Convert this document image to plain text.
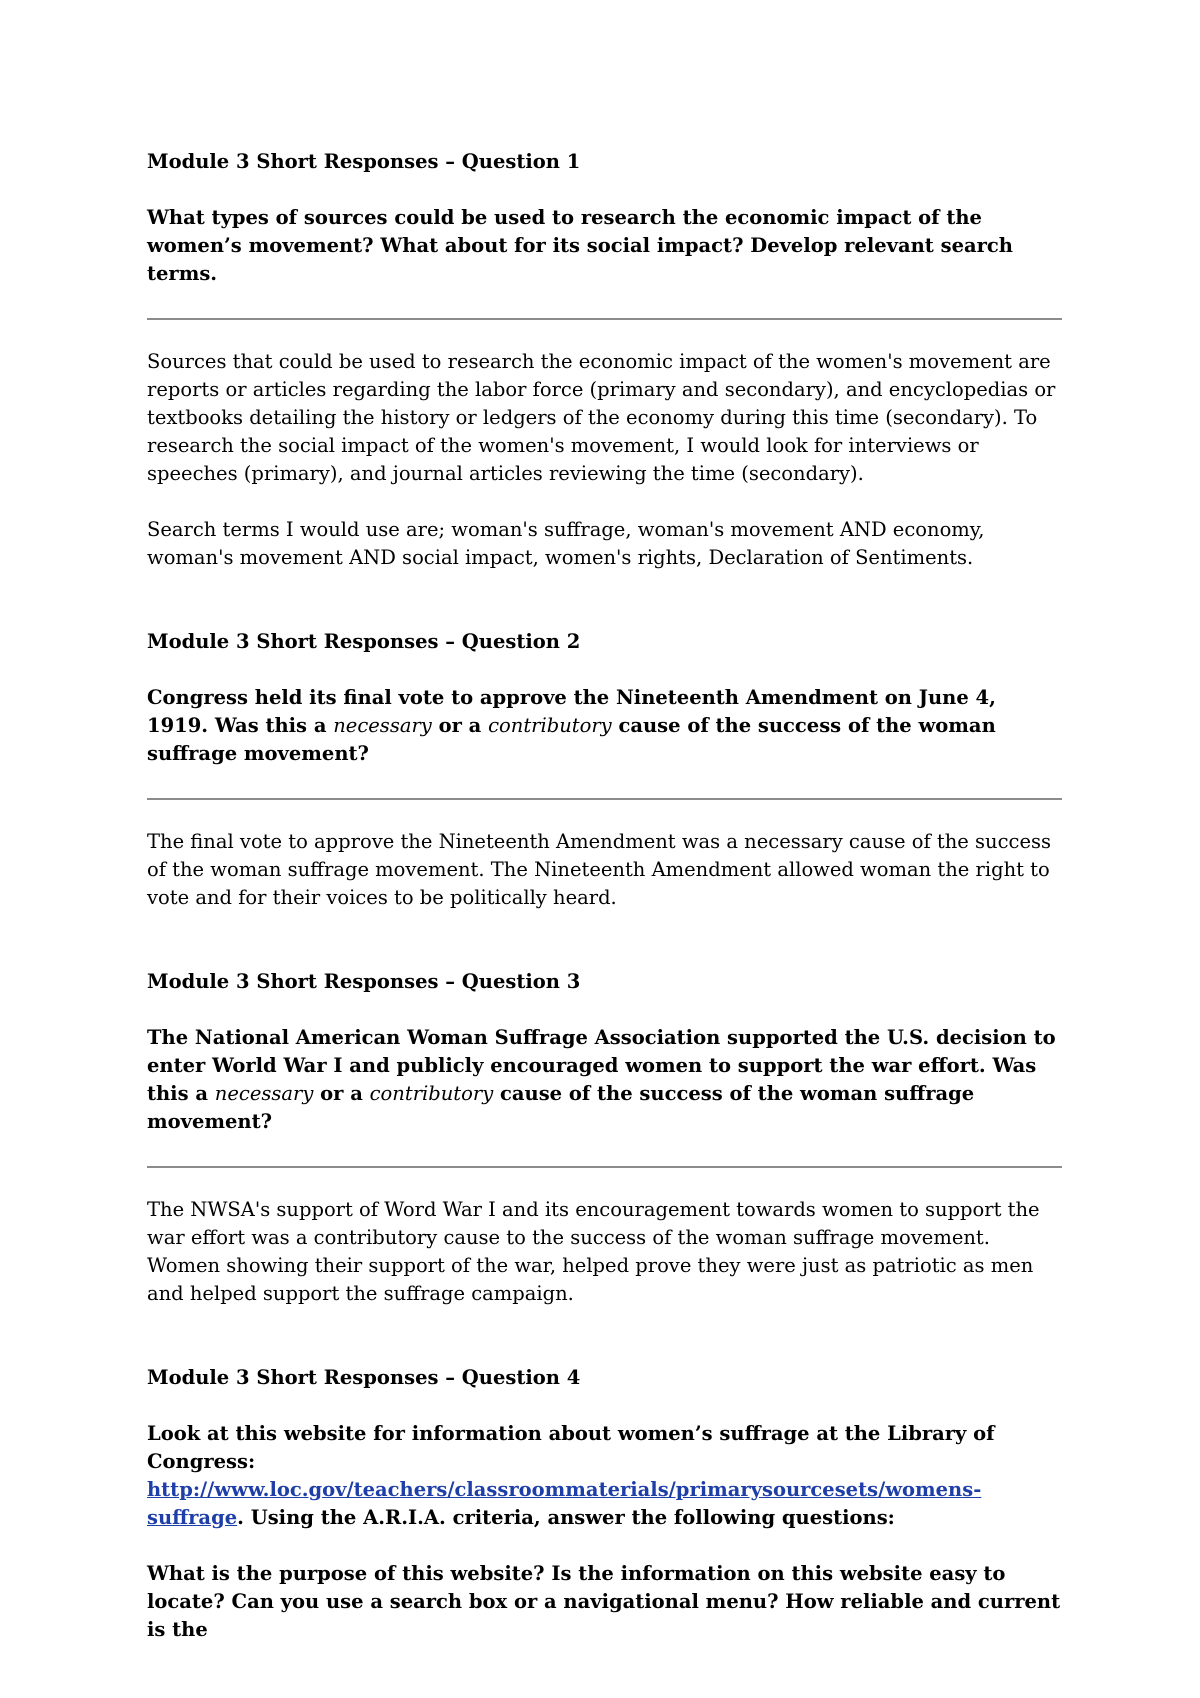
Module 3 Short Responses – Question 1

What types of sources could be used to research the economic impact of the women’s movement? What about for its social impact? Develop relevant search terms.

Sources that could be used to research the economic impact of the women's movement are reports or articles regarding the labor force (primary and secondary), and encyclopedias or textbooks detailing the history or ledgers of the economy during this time (secondary). To research the social impact of the women's movement, I would look for interviews or speeches (primary), and journal articles reviewing the time (secondary).

Search terms I would use are; woman's suffrage, woman's movement AND economy, woman's movement AND social impact, women's rights, Declaration of Sentiments.

Module 3 Short Responses – Question 2

Congress held its final vote to approve the Nineteenth Amendment on June 4, 1919. Was this a necessary or a contributory cause of the success of the woman suffrage movement?

The final vote to approve the Nineteenth Amendment was a necessary cause of the success of the woman suffrage movement. The Nineteenth Amendment allowed woman the right to vote and for their voices to be politically heard.

Module 3 Short Responses – Question 3

The National American Woman Suffrage Association supported the U.S. decision to enter World War I and publicly encouraged women to support the war effort. Was this a necessary or a contributory cause of the success of the woman suffrage movement?

The NWSA's support of Word War I and its encouragement towards women to support the war effort was a contributory cause to the success of the woman suffrage movement. Women showing their support of the war, helped prove they were just as patriotic as men and helped support the suffrage campaign.

Module 3 Short Responses – Question 4

Look at this website for information about women’s suffrage at the Library of Congress: http://www.loc.gov/teachers/classroommaterials/primarysourcesets/womens-suffrage. Using the A.R.I.A. criteria, answer the following questions:

What is the purpose of this website? Is the information on this website easy to locate? Can you use a search box or a navigational menu? How reliable and current is the
